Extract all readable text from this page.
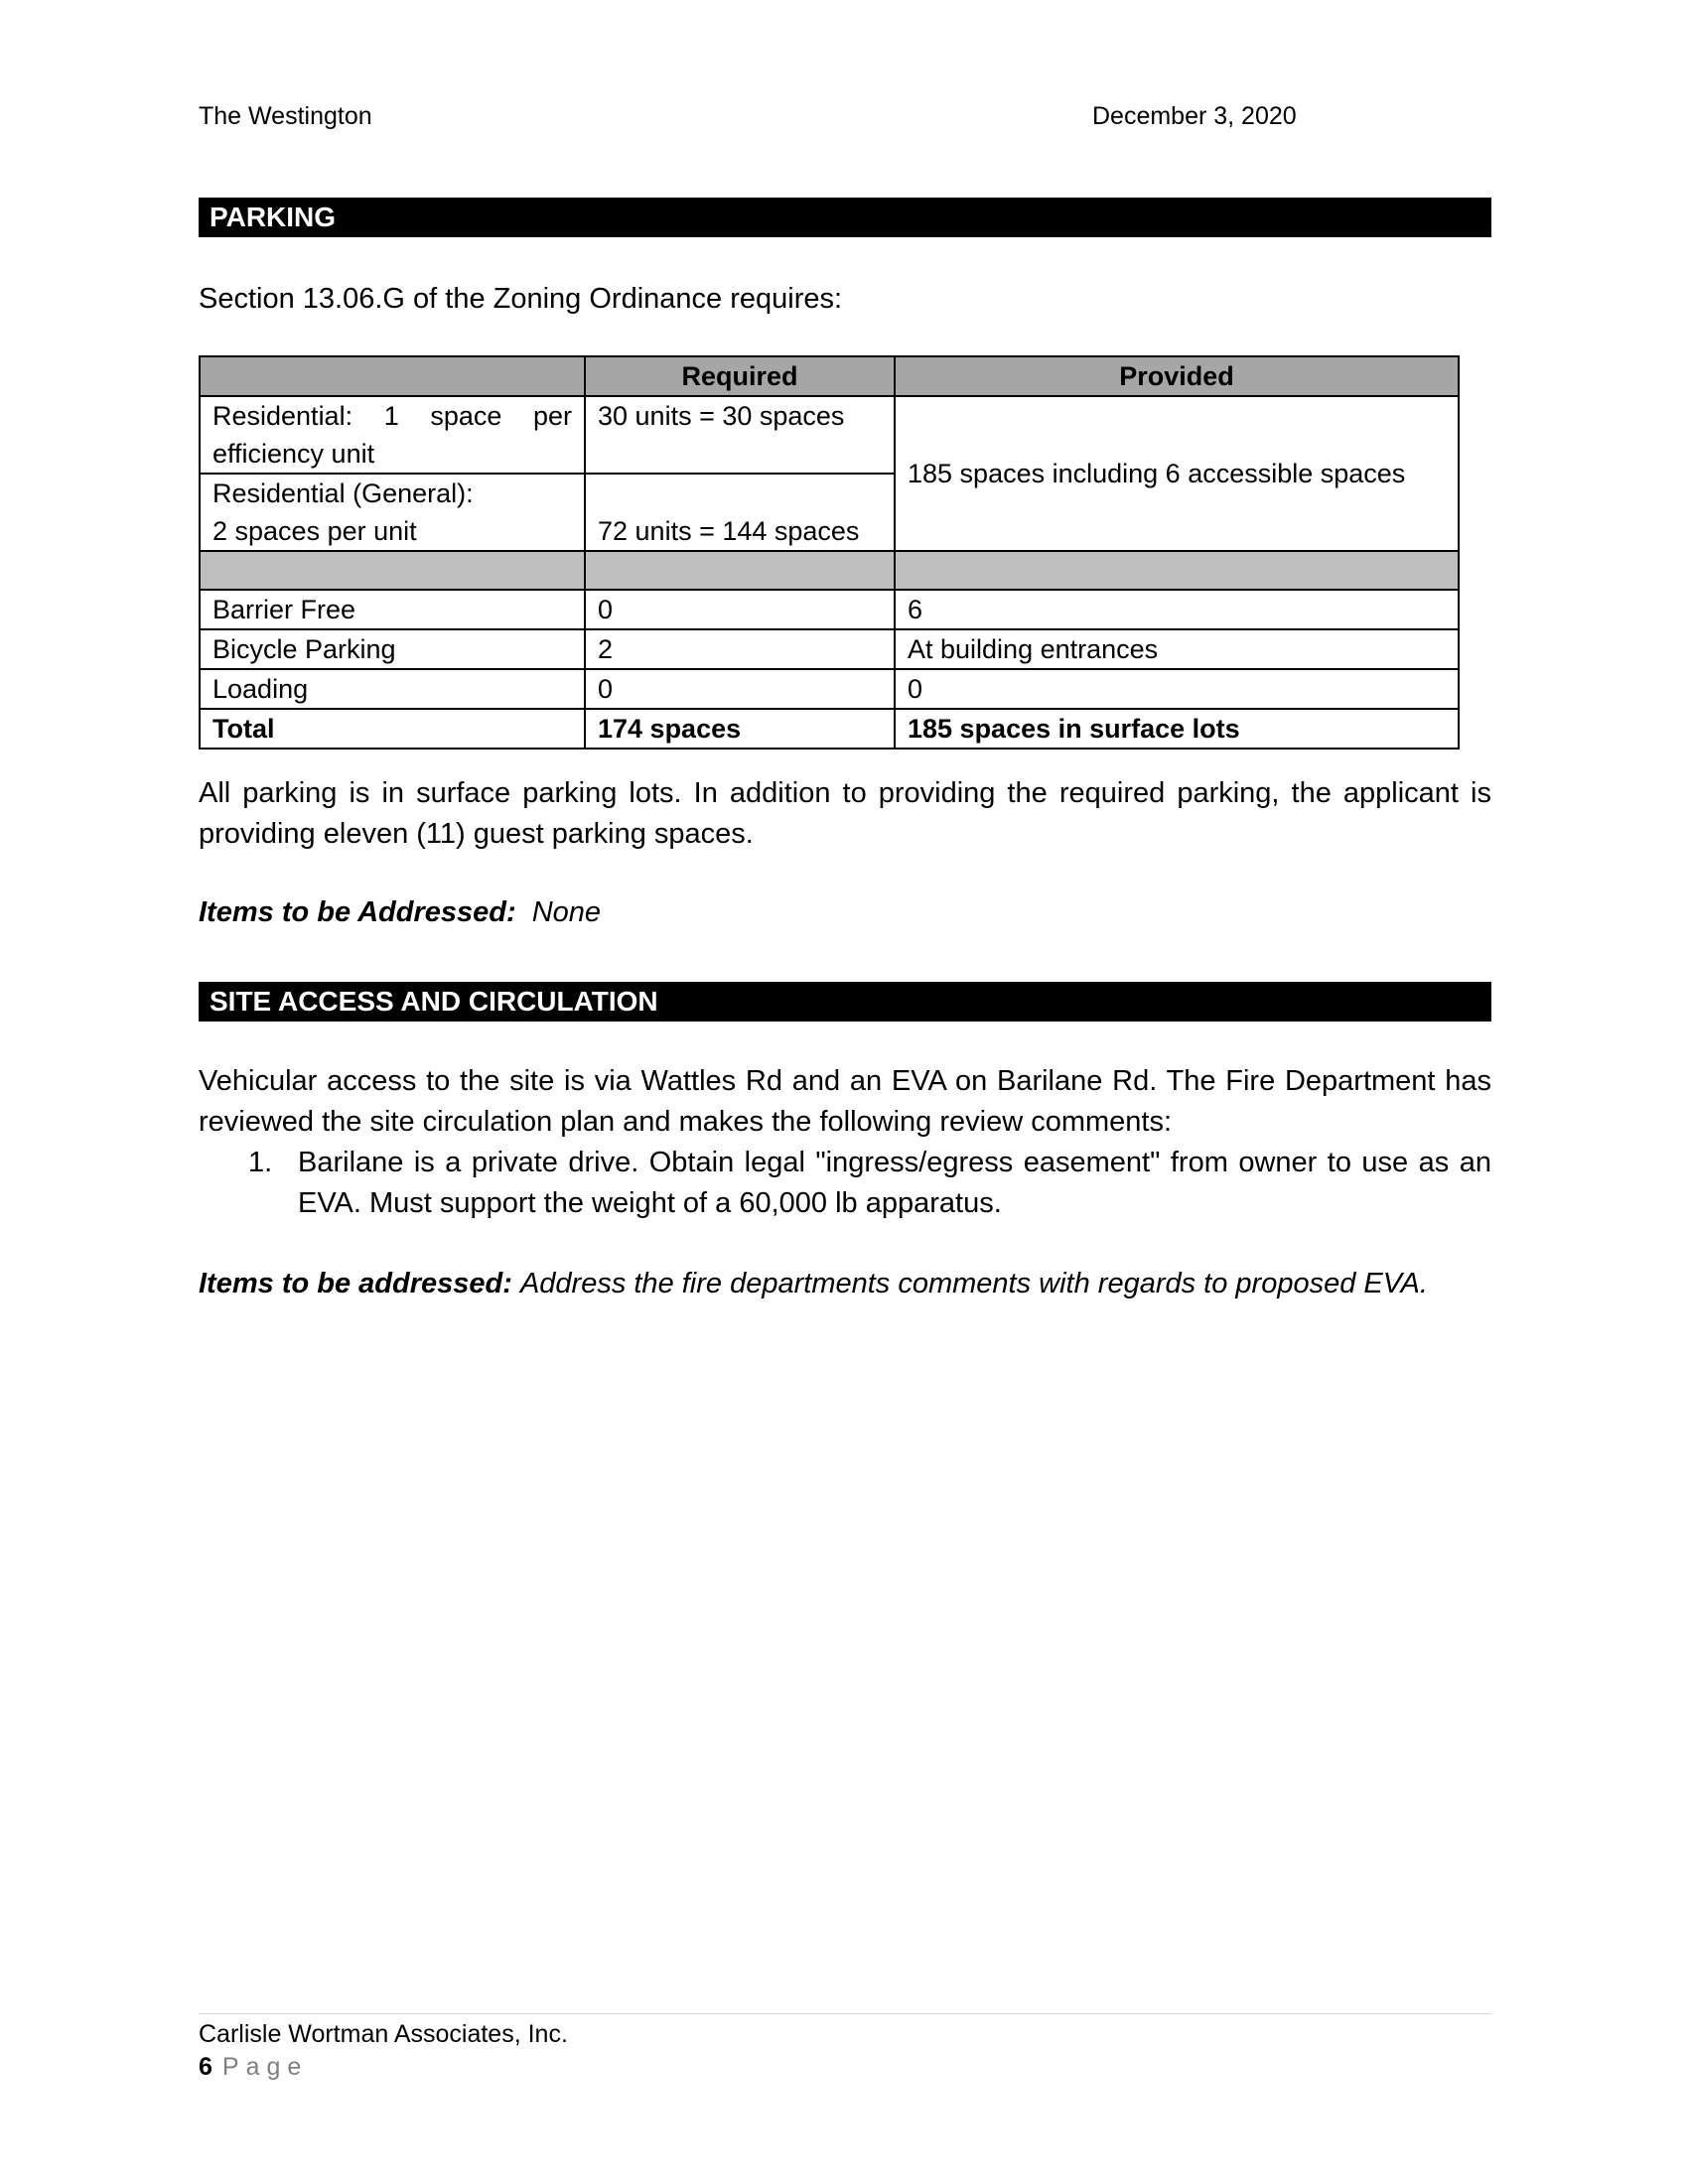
The Westington	December 3, 2020
PARKING
Section 13.06.G of the Zoning Ordinance requires:
	Required	Provided
Residential: 1 space per efficiency unit	30 units = 30 spaces	185 spaces including 6 accessible spaces

Residential (General):
2 spaces per unit	72 units = 144 spaces	

Barrier Free	0	6
Bicycle Parking	2	At building entrances
Loading	0	0
Total	174 spaces	185 spaces in surface lots
All parking is in surface parking lots. In addition to providing the required parking, the applicant is providing eleven (11) guest parking spaces.
Items to be Addressed: None
SITE ACCESS AND CIRCULATION
Vehicular access to the site is via Wattles Rd and an EVA on Barilane Rd. The Fire Department has reviewed the site circulation plan and makes the following review comments:
1. Barilane is a private drive. Obtain legal "ingress/egress easement" from owner to use as an EVA. Must support the weight of a 60,000 lb apparatus.
Items to be addressed: Address the fire departments comments with regards to proposed EVA.
Carlisle Wortman Associates, Inc.
6 Page
